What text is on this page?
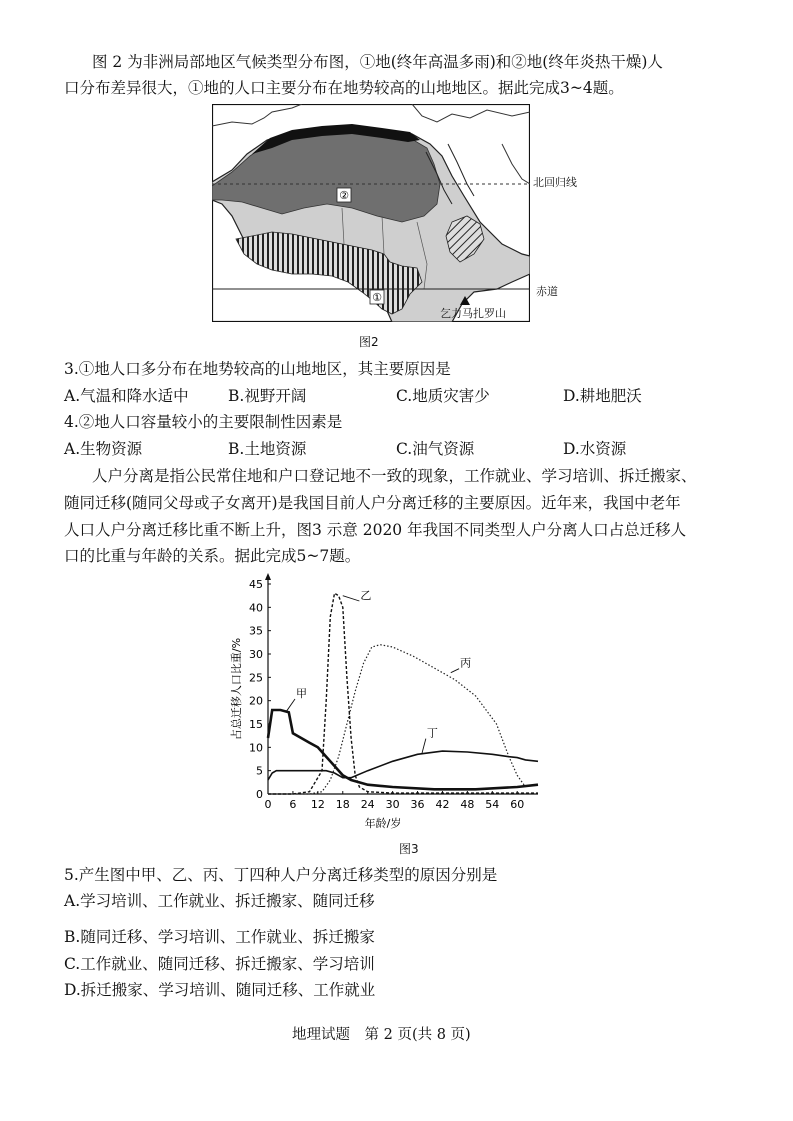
图 2 为非洲局部地区气候类型分布图，①地(终年高温多雨)和②地(终年炎热干燥)人
口分布差异很大，①地的人口主要分布在地势较高的山地地区。据此完成3~4题。
②
①
北回归线
赤道
乞力马扎罗山
图2
3.①地人口多分布在地势较高的山地地区，其主要原因是
A.气温和降水适中	B.视野开阔	C.地质灾害少	D.耕地肥沃
4.②地人口容量较小的主要限制性因素是
A.生物资源	B.土地资源	C.油气资源	D.水资源
人户分离是指公民常住地和户口登记地不一致的现象，工作就业、学习培训、拆迁搬家、
随同迁移(随同父母或子女离开)是我国目前人户分离迁移的主要原因。近年来，我国中老年
人口人户分离迁移比重不断上升，图3 示意 2020 年我国不同类型人户分离人口占总迁移人
口的比重与年龄的关系。据此完成5~7题。
0
5
10
15
20
25
30
35
40
45
0 6 12 18 24 30 36 42 48 54 60
年龄/岁
占总迁移人口比重/%	甲
乙
丙
丁
图3
5.产生图中甲、乙、丙、丁四种人户分离迁移类型的原因分别是
A.学习培训、工作就业、拆迁搬家、随同迁移
B.随同迁移、学习培训、工作就业、拆迁搬家
C.工作就业、随同迁移、拆迁搬家、学习培训
D.拆迁搬家、学习培训、随同迁移、工作就业
地理试题　第 2 页(共 8 页)
